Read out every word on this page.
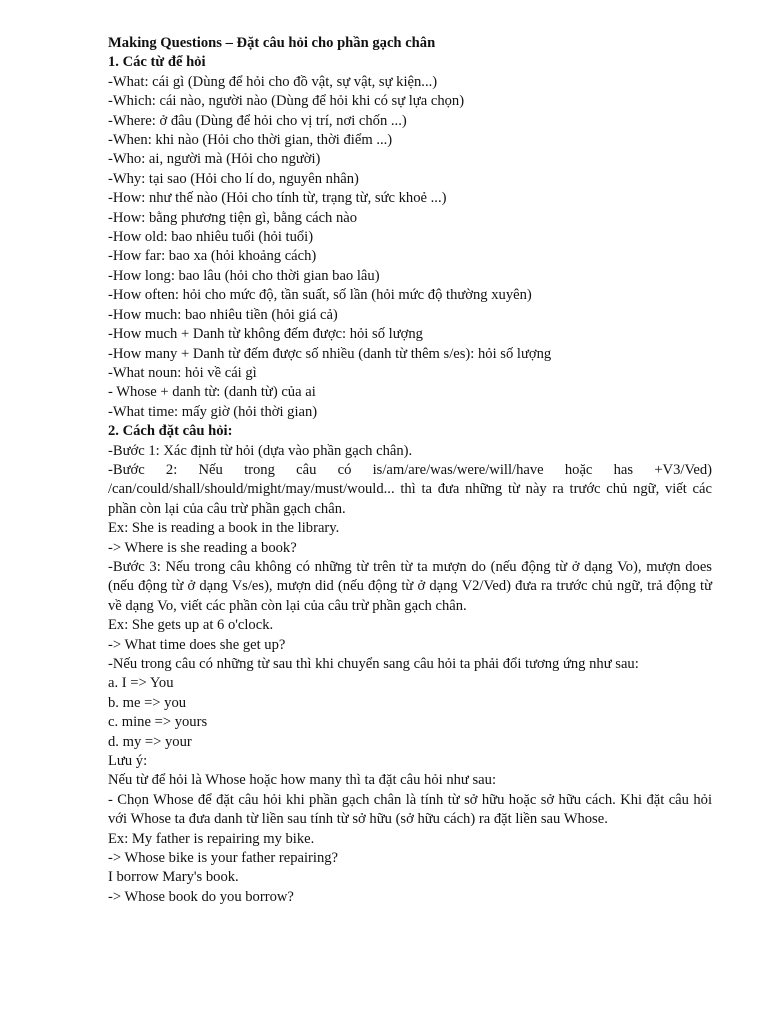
Making Questions – Đặt câu hỏi cho phần gạch chân

1. Các từ để hỏi

-What: cái gì (Dùng để hỏi cho đồ vật, sự vật, sự kiện...)

-Which: cái nào, người nào (Dùng để hỏi khi có sự lựa chọn)

-Where: ở đâu (Dùng để hỏi cho vị trí, nơi chốn ...)

-When: khi nào (Hỏi cho thời gian, thời điểm ...)

-Who: ai, người mà (Hỏi cho người)

-Why: tại sao (Hỏi cho lí do, nguyên nhân)

-How: như thế nào (Hỏi cho tính từ, trạng từ, sức khoẻ ...)

-How: bằng phương tiện gì, bằng cách nào

-How old: bao nhiêu tuổi (hỏi tuổi)

-How far: bao xa (hỏi khoảng cách)

-How long: bao lâu (hỏi cho thời gian bao lâu)

-How often: hỏi cho mức độ, tần suất, số lần (hỏi mức độ thường xuyên)

-How much: bao nhiêu tiền (hỏi giá cả)

-How much + Danh từ không đếm được: hỏi số lượng

-How many + Danh từ đếm được số nhiều (danh từ thêm s/es): hỏi số lượng

-What noun: hỏi về cái gì

- Whose + danh từ: (danh từ) của ai

-What time: mấy giờ (hỏi thời gian)

2. Cách đặt câu hỏi:

-Bước 1: Xác định từ hỏi (dựa vào phần gạch chân).

-Bước 2: Nếu trong câu có is/am/are/was/were/will/have hoặc has +V3/Ved) /can/could/shall/should/might/may/must/would... thì ta đưa những từ này ra trước chủ ngữ, viết các phần còn lại của câu trừ phần gạch chân.

Ex: She is reading a book in the library.

-> Where is she reading a book?

-Bước 3: Nếu trong câu không có những từ trên từ ta mượn do (nếu động từ ở dạng Vo), mượn does (nếu động từ ở dạng Vs/es), mượn did (nếu động từ ở dạng V2/Ved) đưa ra trước chủ ngữ, trả động từ về dạng Vo, viết các phần còn lại của câu trừ phần gạch chân.

Ex: She gets up at 6 o'clock.

-> What time does she get up?

-Nếu trong câu có những từ sau thì khi chuyển sang câu hỏi ta phải đổi tương ứng như sau:

a. I => You

b. me => you

c. mine => yours

d. my => your

Lưu ý:

Nếu từ để hỏi là Whose hoặc how many thì ta đặt câu hỏi như sau:

- Chọn Whose để đặt câu hỏi khi phần gạch chân là tính từ sở hữu hoặc sở hữu cách. Khi đặt câu hỏi với Whose ta đưa danh từ liền sau tính từ sở hữu (sở hữu cách) ra đặt liền sau Whose.

Ex: My father is repairing my bike.

-> Whose bike is your father repairing?

I borrow Mary's book.

-> Whose book do you borrow?
